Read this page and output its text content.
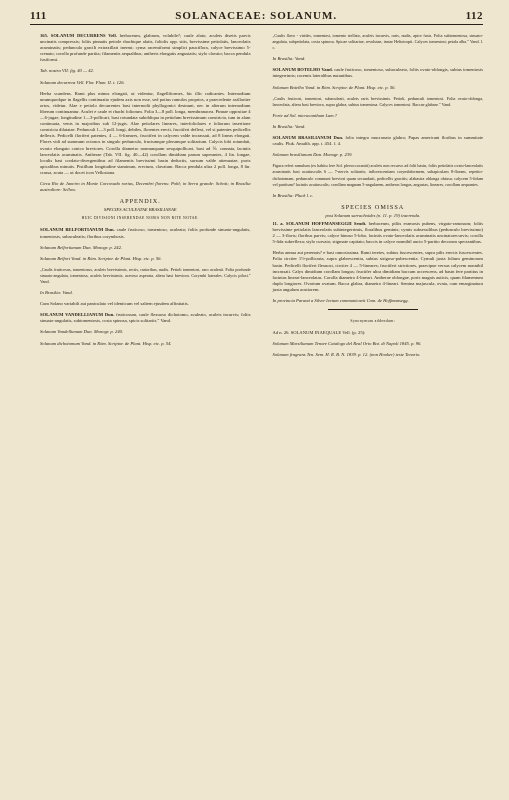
111	SOLANACEAE: SOLANUM.	112

165. SOLANUM DECURRENS Vell. herbaceum, glabrum, volubile?; caule alato; aculeis disetis parvis uncinatis compressis; foliis pinnatis petiole rhachique alatis, foliolis opp. sitis, brevissime petiolatis, lanceolatis acuminatis; pedunculo graciIi extraxillari inermi; cyma racemiformi simplici pauciflora, calyce brevissimo 5-crenato; corolla profunde partita; filamentis aequalibus; antheris elongatis angustatis; stylo clavato; bacca pendula fusiformi.

Tab. nostra VII. fig. 40 — 42.

Solanum decurrens Vell. Flor. Flum. II. t. 126.

Herba scandens. Rami plus minus elongati, ut videntur, flagelliformes, hic illic radicantes. Internodium unumquodque in flagellis continuatio ejudem axis non esse, sed potius ramulos proprios, a praecedente axillariter ortos, videtur. Alae e petiolo decurrentes basi internodii phyllogonici desinunt, nec in alterum internodium liberum continuantur. Aculei e caule et rhachi foliorum. Folia 3—8 poll. longa, membranacea. Pinnae oppositae 4—6-jugae, longitudine 1—3-pollicari, basi rotundata subobliqua in petiolum brevissimum constricta, tum in alam continuata, venis in majoribus sub 12-jugis. Alae petiolares lineares, interfoliolares e foliorum insertione constricta dilatatae. Pedunculi 1—3 poll. longi, debiles, florentes erecti, fructiferi deflexi, vel si patentes pedicellis deflexis. Pedicelli floriferi patentes, 4 — 6-lineares, fructiferi in calycem valde incrassati, ad 8 lineas elongati. Flores vidi ad summum octonos in singulo pedunculo, fructumque plerumque solitarium. Calycis lobi rotundati, ovario elongato conico breviores. Corolla diametro nonnunquam sesquipollicari, basi ad ⅙ connata, laciniis lanceolatis acuminatis. Antherae (Tab. VII. fig. 40—42) corollam dimidiam parum superantes, 4 lin. longae, loculis basi cordato-divergentibus ad filamentis brevissimi basin deductis, sursum valde attenuatae, poris apicalibus minutis. Pistillum longitudine staminum, erectum, clavatum. Bacca pendula ultra 2 poll. longa, 8 lin. crassa, acuta — ut docet icon Vellosiana.

Circa Rio de Janeiro in Monte Corcovado rarius, Decembri florens: Pohl; in Serra grande: Schott; in Brasilia australiore: Sellow.

APPENDIX.
SPECIES ACULEATAE BRASILIANAE
HUIC DIVISIONI INSERENDAE NOBIS NON RITE NOTAE.

SOLANUM BELFORTIANUM Dun. caule fruticoso, tomentoso, aculeato; foliis profunde sinuato-angulatis, tomentosis, subaculeatis; floribus corymbosis.

Solanum Belfortianum Dun. Monogr. p. 242.

Solanum Belfort Vand. in Röm. Scriptor. de Plant. Hisp. etc. p. 56.

„Caulis fruticosus, tomentosus, aculeis brevissimis, rectis, rarioribus, nudis. Petioli tomentosi, raro aculeati. Folia profunde sinuato-angulata, tomentosa, aculeis brevissimis, aceroso asperata, altera basi breviora. Corymbi laterales. Calycis pilosi." Vand.

In Brasilia: Vand.

Cum Solano variabili aut paniculato vel identicum vel saltem ejusdem affinitatis.

SOLANUM VANDELLIANUM Dun. fruticosum, caule flexuoso dichotomo, aculeato, aculeis incurvis; foliis sinuato-angulatis, subtomentosis, costa spinosa, spicis solitariis." Vand.

Solanum Vandellianum Dun. Monogr. p. 240.

Solanum dichotomum Vand. in Röm. Scriptor. de Plant. Hisp. etc. p. 54.

„Caulis flavo - virides, tomentosi, tomento stellato, aculeis incurvis, raris, nudis, apice fusis. Folia subtomentosa, sinuato-angulata, subpetiolata, costa spinosa. Spicae solitariae, revolutae, instar Heliotropii. Calyces tomentosi; petala alba." Vand. l. c.

In Brasilia: Vand.

SOLANUM BOTELHO Vand. caule fruticoso, tomentoso, subaculeato, foliis ovato-oblongis, subtus tomentosis integerrimis; racemis lateralibus nutantibus.

Solanum Botelho Vand. in Röm. Scriptor. de Plant. Hisp. etc. p. 56.

„Caulis fruticosi, tomentosi, subaculeati, aculeis raris brevissimis. Petioli, pedunculi tomentosi. Folia ovato-oblonga, lanceolata, altera basi breviora, supra glabra, subtus tomentosa. Calyces tomentosi. Baccae glabrae." Vand.

Forte ad Sol. micracanthum Lam.?

In Brasilia: Vand.

SOLANUM BRASILIANUM Dun. folio integro mucronato glabro; Papas americani floribus in summitate caulis. Pluk. Amalth. app. t. 454. f. 4.

Solanum brasilianum Dun. Monogr. p. 239.

Figura refert ramulum (ex habitu fere Sol. pleeoccocantii) aculeis non recurvo ad folii basin, foliis petiolatis ovato-lanceolatis acuminatis basi acutiusculis 6 — 7-nervis solitariis; inflorescentiam corymbiformem, subapiculam 8-floram, repetito-dichotomam, pedunculo communi breviori quam secundarii, pedicellis graciiis; alabastra oblonga obtusa; calycem 5-fidum vel partitum? laciniis acutiusculis; corollam magnam 5-angularem, antheras longas, angustas, lineares, corollam aequantes.

In Brasilia: Pluck l. c.

SPECIES OMISSA
post Solanum sarrachoides (n. 11. p. 19) inserenda.

11. a. SOLANUM HOFFMANSEGGII Sendt. herbaceum, piliis eramosis pubens, virgato-ramosum; foliis brevissime petiolatis lanceolatis subintegerrimis, floralibus geminis; cymis subsessilibus (pedunculo brevissimo) 2 — 3-floris; floribus parvis; calyce binuso 5-lobo, laciniis ovato-lanceolatis acuminatis uncinatorecurvis; corolla 5-fida subreflexa; stylo curvato; stigmate capitato; baccis in calyce nonnihil aucto 5-partito decorum spectantibus.

Herba annua aut perennis? e basi ramosissima. Rami teretes, subtus fuscescentes, supra pilis erectis fuscescentes. Folia circiter 1½-pollicaria, supra glabrescentia, subtus strigoso-pubescentia. Cymuli juxta folium geminorum basin. Pedicelli floriferi flexuosi, circiter 4 — 5-lineares; fructiferi strictiores, praecipue versus calycem nonnihil incrassati. Calyx dimidiam corollam longus; fructifer ultra dimidiam baccam accrescens, ad basin fere partitus in lacinias lineari-lanceolatas. Corolla diametro 4-lineari. Antherae oblongae, poris magnis auticis, quam filamentum duplo longiores. Ovarium ovatum. Bacca glabra, diametro 4-lineari. Semina majuscula, ovata, cum emarginatura juxta angulum acutiorem.

In provincia Paraná a Silver lectum communicavit Com. de Hoffmansegg.

Synonymum addendum:

Ad n. 26. SOLANUM INAEQUALE Vell. (p. 25):

Solanum Marsilianum Tenore Catalogo del Real Orto Bot. di Napoli 1845. p. 96.

Solanum fragrans Ten. Sem. H. R. B. N. 1839. p. 12. (non Hooker) teste Tenorio.
